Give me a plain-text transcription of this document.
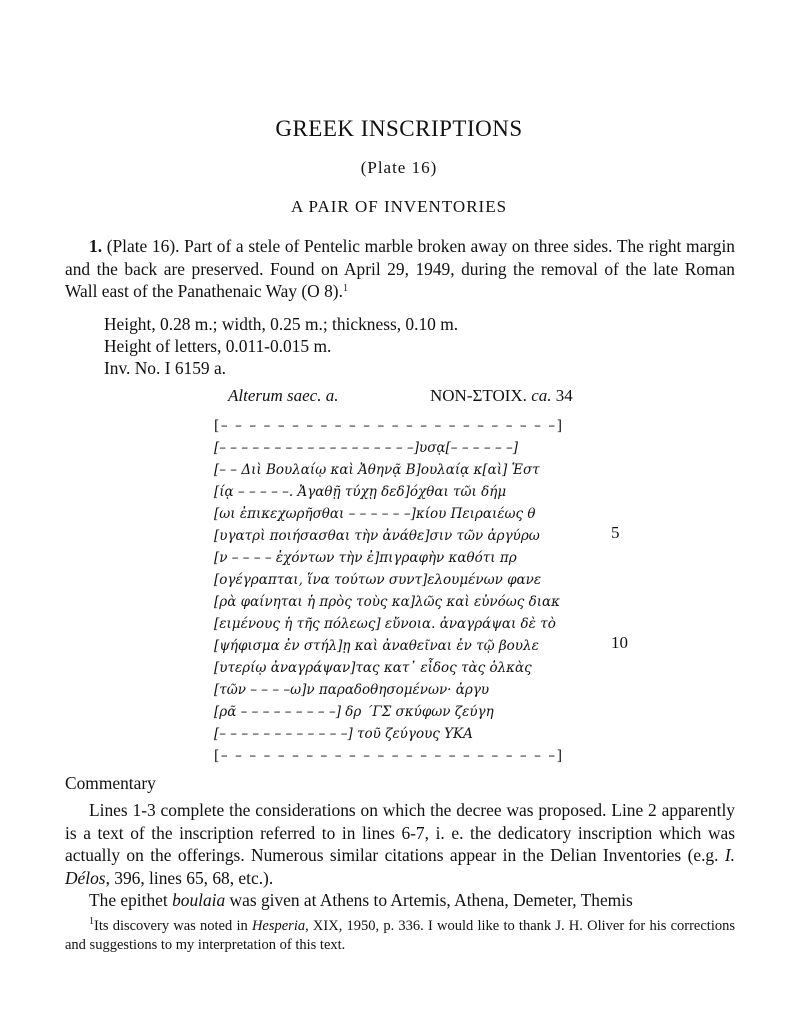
GREEK INSCRIPTIONS
(Plate 16)
A PAIR OF INVENTORIES
1. (Plate 16). Part of a stele of Pentelic marble broken away on three sides. The right margin and the back are preserved. Found on April 29, 1949, during the removal of the late Roman Wall east of the Panathenaic Way (O 8).$^1$
Height, 0.28 m.; width, 0.25 m.; thickness, 0.10 m.
Height of letters, 0.011-0.015 m.
Inv. No. I 6159 a.
Alterum saec. a.	NON-ΣΤΟΙΧ. ca. 34
[– – – – – – – – – – – – – – – – – – – – – – – –]
[– – – – – – – – – – – – – – – – – –]υσᾳ[– – – – – –]
[– – Διὶ Βουλαίῳ καὶ Ἀθηνᾷ Β]ουλαίᾳ κ[αὶ] Ἑστ
[ίᾳ – – – – –. Ἀγαθῇ τύχῃ δεδ]όχθαι τῶι δήμ
[ωι ἐπικεχωρῆσθαι – – – – – –]κίου Πειραιέως θ
[υγατρὶ ποιήσασθαι τὴν ἀνάθε]σιν τῶν ἀργύρω
[ν – – – – ἐχόντων τὴν ἐ]πιγραφὴν καθότι πρ
[ογέγραπται, ἵνα τούτων συντ]ελουμένων φανε
[ρὰ φαίνηται ἡ πρὸς τοὺς κα]λῶς καὶ εὐνόως διακ
[ειμένους ἡ τῆς πόλεως] εὔνοια. ἀναγράψαι δὲ τὸ
[ψήφισμα ἐν στήλ]ῃ καὶ ἀναθεῖναι ἐν τῷ βουλε
[υτερίῳ ἀναγράψαν]τας κατ᾽ εἶδος τὰς ὁλκὰς
[τῶν – – – –ω]ν παραδοθησομένων· ἀργυ
[ρᾶ – – – – – – – – –] δρ ΄ΓΣ σκύφων ζεύγη
[– – – – – – – – – – – –] τοῦ ζεύγους ΥΚΑ
[– – – – – – – – – – – – – – – – – – – – – – – –]
5
10
Commentary
Lines 1-3 complete the considerations on which the decree was proposed. Line 2 apparently is a text of the inscription referred to in lines 6-7, i. e. the dedicatory inscription which was actually on the offerings. Numerous similar citations appear in the Delian Inventories (e.g. I. Délos, 396, lines 65, 68, etc.).
The epithet boulaia was given at Athens to Artemis, Athena, Demeter, Themis
$^1$Its discovery was noted in Hesperia, XIX, 1950, p. 336. I would like to thank J. H. Oliver for his corrections and suggestions to my interpretation of this text.
